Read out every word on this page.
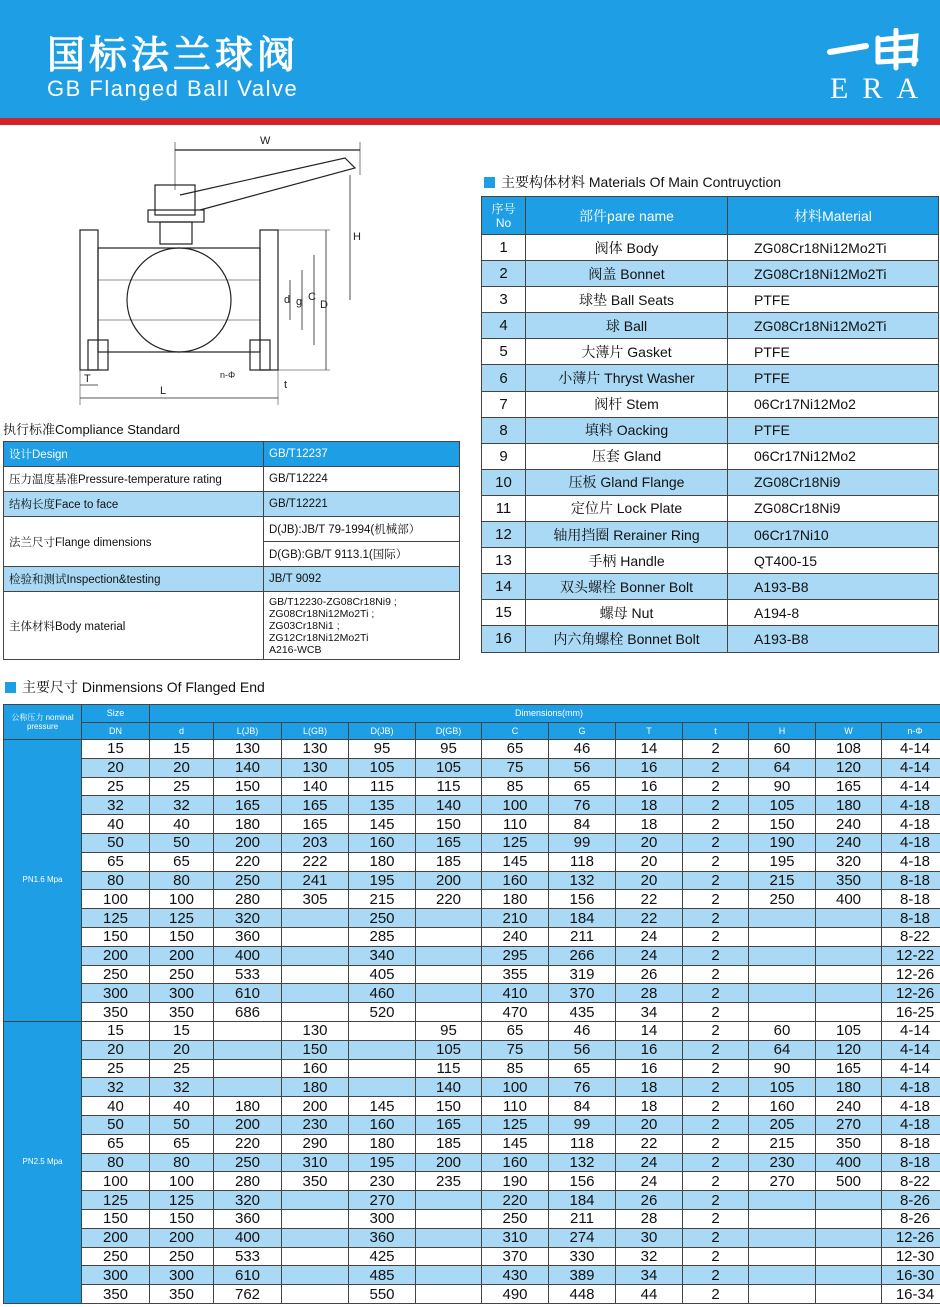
国标法兰球阀
GB Flanged Ball Valve	ERA
W
H
d g C
D
T
L	t
n-Φ
执行标准Compliance Standard
设计Design	GB/T12237
压力温度基准Pressure-temperature rating	GB/T12224
结构长度Face to face	GB/T12221
法兰尺寸Flange dimensions	D(JB):JB/T 79-1994(机械部）
	D(GB):GB/T 9113.1(国际）
检验和测试Inspection&testing	JB/T 9092
主体材料Body material	GB/T12230-ZG08Cr18Ni9 ;
ZG08Cr18Ni12Mo2Ti ;
ZG03Cr18Ni1 ;
ZG12Cr18Ni12Mo2Ti
A216-WCB
主要构体材料 Materials Of Main Contruyction
序号
No	部件pare name	材料Material
1	阀体 Body	ZG08Cr18Ni12Mo2Ti
2	阀盖 Bonnet	ZG08Cr18Ni12Mo2Ti
3	球垫 Ball Seats	PTFE
4	球 Ball	ZG08Cr18Ni12Mo2Ti
5	大薄片 Gasket	PTFE
6	小薄片 Thryst Washer	PTFE
7	阀杆 Stem	06Cr17Ni12Mo2
8	填料 Oacking	PTFE
9	压套 Gland	06Cr17Ni12Mo2
10	压板 Gland Flange	ZG08Cr18Ni9
11	定位片 Lock Plate	ZG08Cr18Ni9
12	轴用挡圈 Rerainer Ring	06Cr17Ni10
13	手柄 Handle	QT400-15
14	双头螺栓 Bonner Bolt	A193-B8
15	螺母 Nut	A194-8
16	内六角螺栓 Bonnet Bolt	A193-B8
主要尺寸 Dinmensions Of Flanged End
公称压力 nominal pressure	Size	Dimensions(mm)											
	DN	d	L(JB)	L(GB)	D(JB)	D(GB)	C	G	T	t	H	W	n-Φ
PN1.6 Mpa	15	15	130	130	95	95	65	46	14	2	60	108	4-14
	20	20	140	130	105	105	75	56	16	2	64	120	4-14
	25	25	150	140	115	115	85	65	16	2	90	165	4-14
	32	32	165	165	135	140	100	76	18	2	105	180	4-18
	40	40	180	165	145	150	110	84	18	2	150	240	4-18
	50	50	200	203	160	165	125	99	20	2	190	240	4-18
	65	65	220	222	180	185	145	118	20	2	195	320	4-18
	80	80	250	241	195	200	160	132	20	2	215	350	8-18
	100	100	280	305	215	220	180	156	22	2	250	400	8-18
	125	125	320		250		210	184	22	2			8-18
	150	150	360		285		240	211	24	2			8-22
	200	200	400		340		295	266	24	2			12-22
	250	250	533		405		355	319	26	2			12-26
	300	300	610		460		410	370	28	2			12-26
	350	350	686		520		470	435	34	2			16-25
PN2.5 Mpa	15	15		130		95	65	46	14	2	60	105	4-14
	20	20		150		105	75	56	16	2	64	120	4-14
	25	25		160		115	85	65	16	2	90	165	4-14
	32	32		180		140	100	76	18	2	105	180	4-18
	40	40	180	200	145	150	110	84	18	2	160	240	4-18
	50	50	200	230	160	165	125	99	20	2	205	270	4-18
	65	65	220	290	180	185	145	118	22	2	215	350	8-18
	80	80	250	310	195	200	160	132	24	2	230	400	8-18
	100	100	280	350	230	235	190	156	24	2	270	500	8-22
	125	125	320		270		220	184	26	2			8-26
	150	150	360		300		250	211	28	2			8-26
	200	200	400		360		310	274	30	2			12-26
	250	250	533		425		370	330	32	2			12-30
	300	300	610		485		430	389	34	2			16-30
	350	350	762		550		490	448	44	2			16-34
